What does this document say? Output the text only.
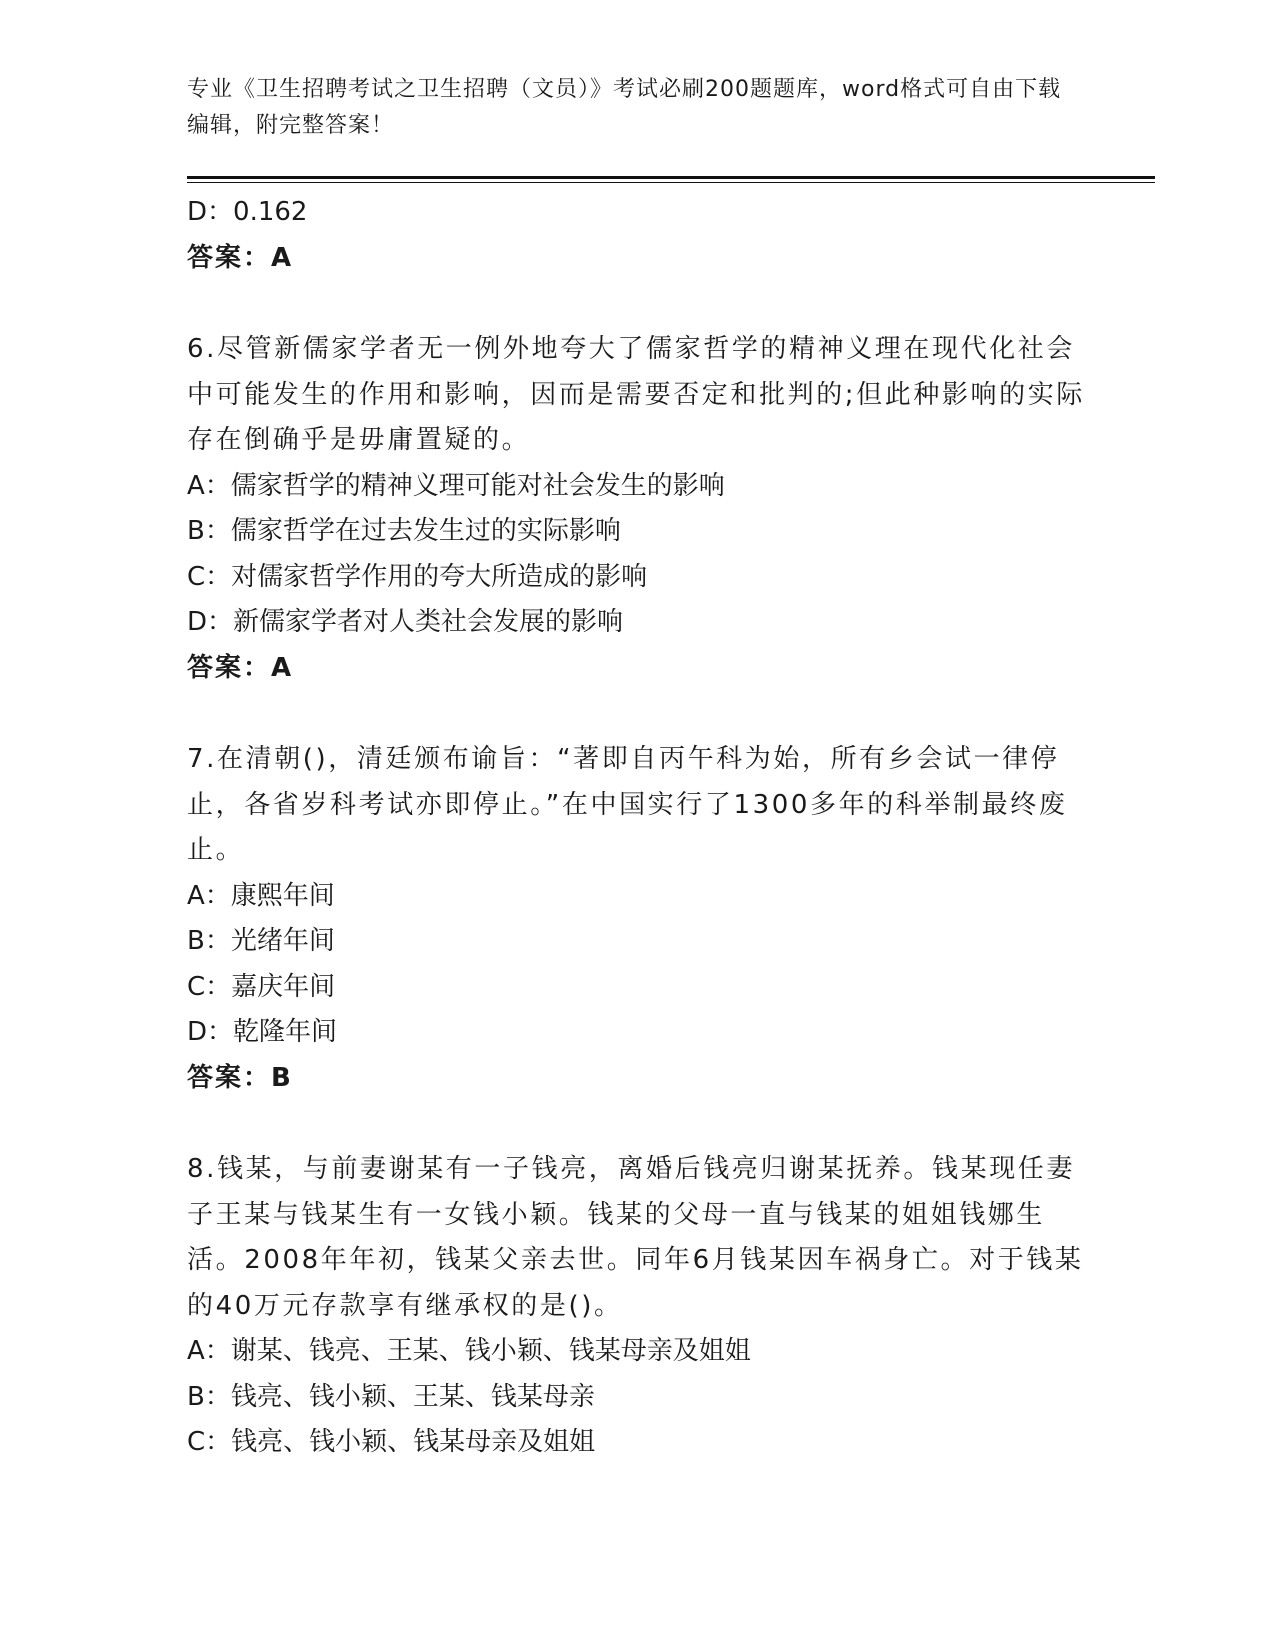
专业《卫生招聘考试之卫生招聘（文员）》考试必刷200题题库，word格式可自由下载编辑，附完整答案！
D：0.162
答案：A
6.尽管新儒家学者无一例外地夸大了儒家哲学的精神义理在现代化社会中可能发生的作用和影响，因而是需要否定和批判的;但此种影响的实际存在倒确乎是毋庸置疑的。
A：儒家哲学的精神义理可能对社会发生的影响
B：儒家哲学在过去发生过的实际影响
C：对儒家哲学作用的夸大所造成的影响
D：新儒家学者对人类社会发展的影响
答案：A
7.在清朝()，清廷颁布谕旨：“著即自丙午科为始，所有乡会试一律停止，各省岁科考试亦即停止。”在中国实行了1300多年的科举制最终废止。
A：康熙年间
B：光绪年间
C：嘉庆年间
D：乾隆年间
答案：B
8.钱某，与前妻谢某有一子钱亮，离婚后钱亮归谢某抚养。钱某现任妻子王某与钱某生有一女钱小颖。钱某的父母一直与钱某的姐姐钱娜生活。2008年年初，钱某父亲去世。同年6月钱某因车祸身亡。对于钱某的40万元存款享有继承权的是()。
A：谢某、钱亮、王某、钱小颖、钱某母亲及姐姐
B：钱亮、钱小颖、王某、钱某母亲
C：钱亮、钱小颖、钱某母亲及姐姐
